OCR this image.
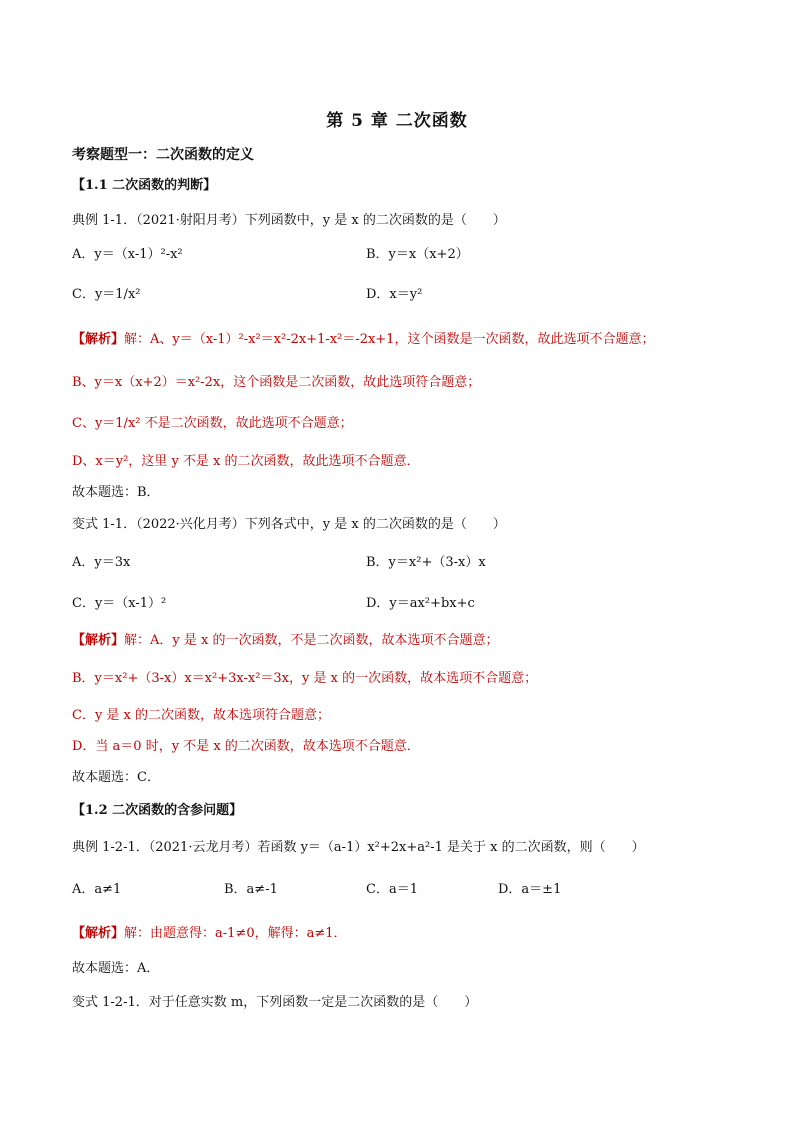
第 5 章 二次函数
考察题型一：二次函数的定义
【1.1 二次函数的判断】
典例 1-1．（2021·射阳月考）下列函数中，y 是 x 的二次函数的是（　　）
A．y＝（x-1）²-x²	B．y＝x（x+2）
C．y＝1/x²	D．x＝y²
【解析】解：A、y＝（x-1）²-x²＝x²-2x+1-x²＝-2x+1，这个函数是一次函数，故此选项不合题意；
B、y＝x（x+2）＝x²-2x，这个函数是二次函数，故此选项符合题意；
C、y＝1/x² 不是二次函数，故此选项不合题意；
D、x＝y²，这里 y 不是 x 的二次函数，故此选项不合题意．
故本题选：B．
变式 1-1．（2022·兴化月考）下列各式中，y 是 x 的二次函数的是（　　）
A．y＝3x	B．y＝x²+（3-x）x
C．y＝（x-1）²	D．y＝ax²+bx+c
【解析】解：A．y 是 x 的一次函数，不是二次函数，故本选项不合题意；
B．y＝x²+（3-x）x＝x²+3x-x²＝3x，y 是 x 的一次函数，故本选项不合题意；
C．y 是 x 的二次函数，故本选项符合题意；
D．当 a＝0 时，y 不是 x 的二次函数，故本选项不合题意．
故本题选：C．
【1.2 二次函数的含参问题】
典例 1-2-1．（2021·云龙月考）若函数 y＝（a-1）x²+2x+a²-1 是关于 x 的二次函数，则（　　）
A．a≠1	B．a≠-1	C．a＝1	D．a＝±1
【解析】解：由题意得：a-1≠0，解得：a≠1．
故本题选：A．
变式 1-2-1．对于任意实数 m，下列函数一定是二次函数的是（　　）
